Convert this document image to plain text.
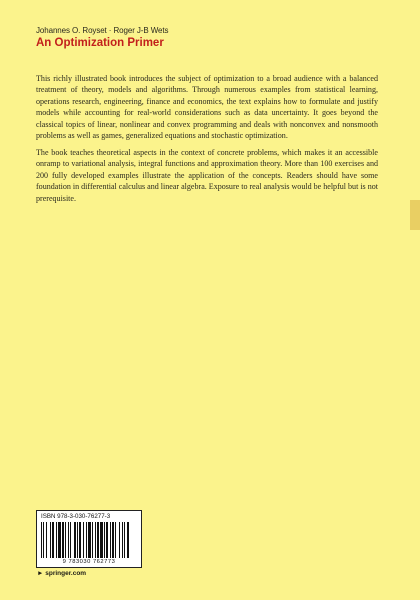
Johannes O. Royset · Roger J-B Wets
An Optimization Primer

This richly illustrated book introduces the subject of optimization to a broad audience with a balanced treatment of theory, models and algorithms. Through numerous examples from statistical learning, operations research, engineering, finance and economics, the text explains how to formulate and justify models while accounting for real-world considerations such as data uncertainty. It goes beyond the classical topics of linear, nonlinear and convex programming and deals with nonconvex and nonsmooth problems as well as games, generalized equations and stochastic optimization.

The book teaches theoretical aspects in the context of concrete problems, which makes it an accessible onramp to variational analysis, integral functions and approximation theory. More than 100 exercises and 200 fully developed examples illustrate the application of the concepts. Readers should have some foundation in differential calculus and linear algebra. Exposure to real analysis would be helpful but is not prerequisite.

ISBN 978-3-030-76277-3
9 783030 762773
► springer.com
